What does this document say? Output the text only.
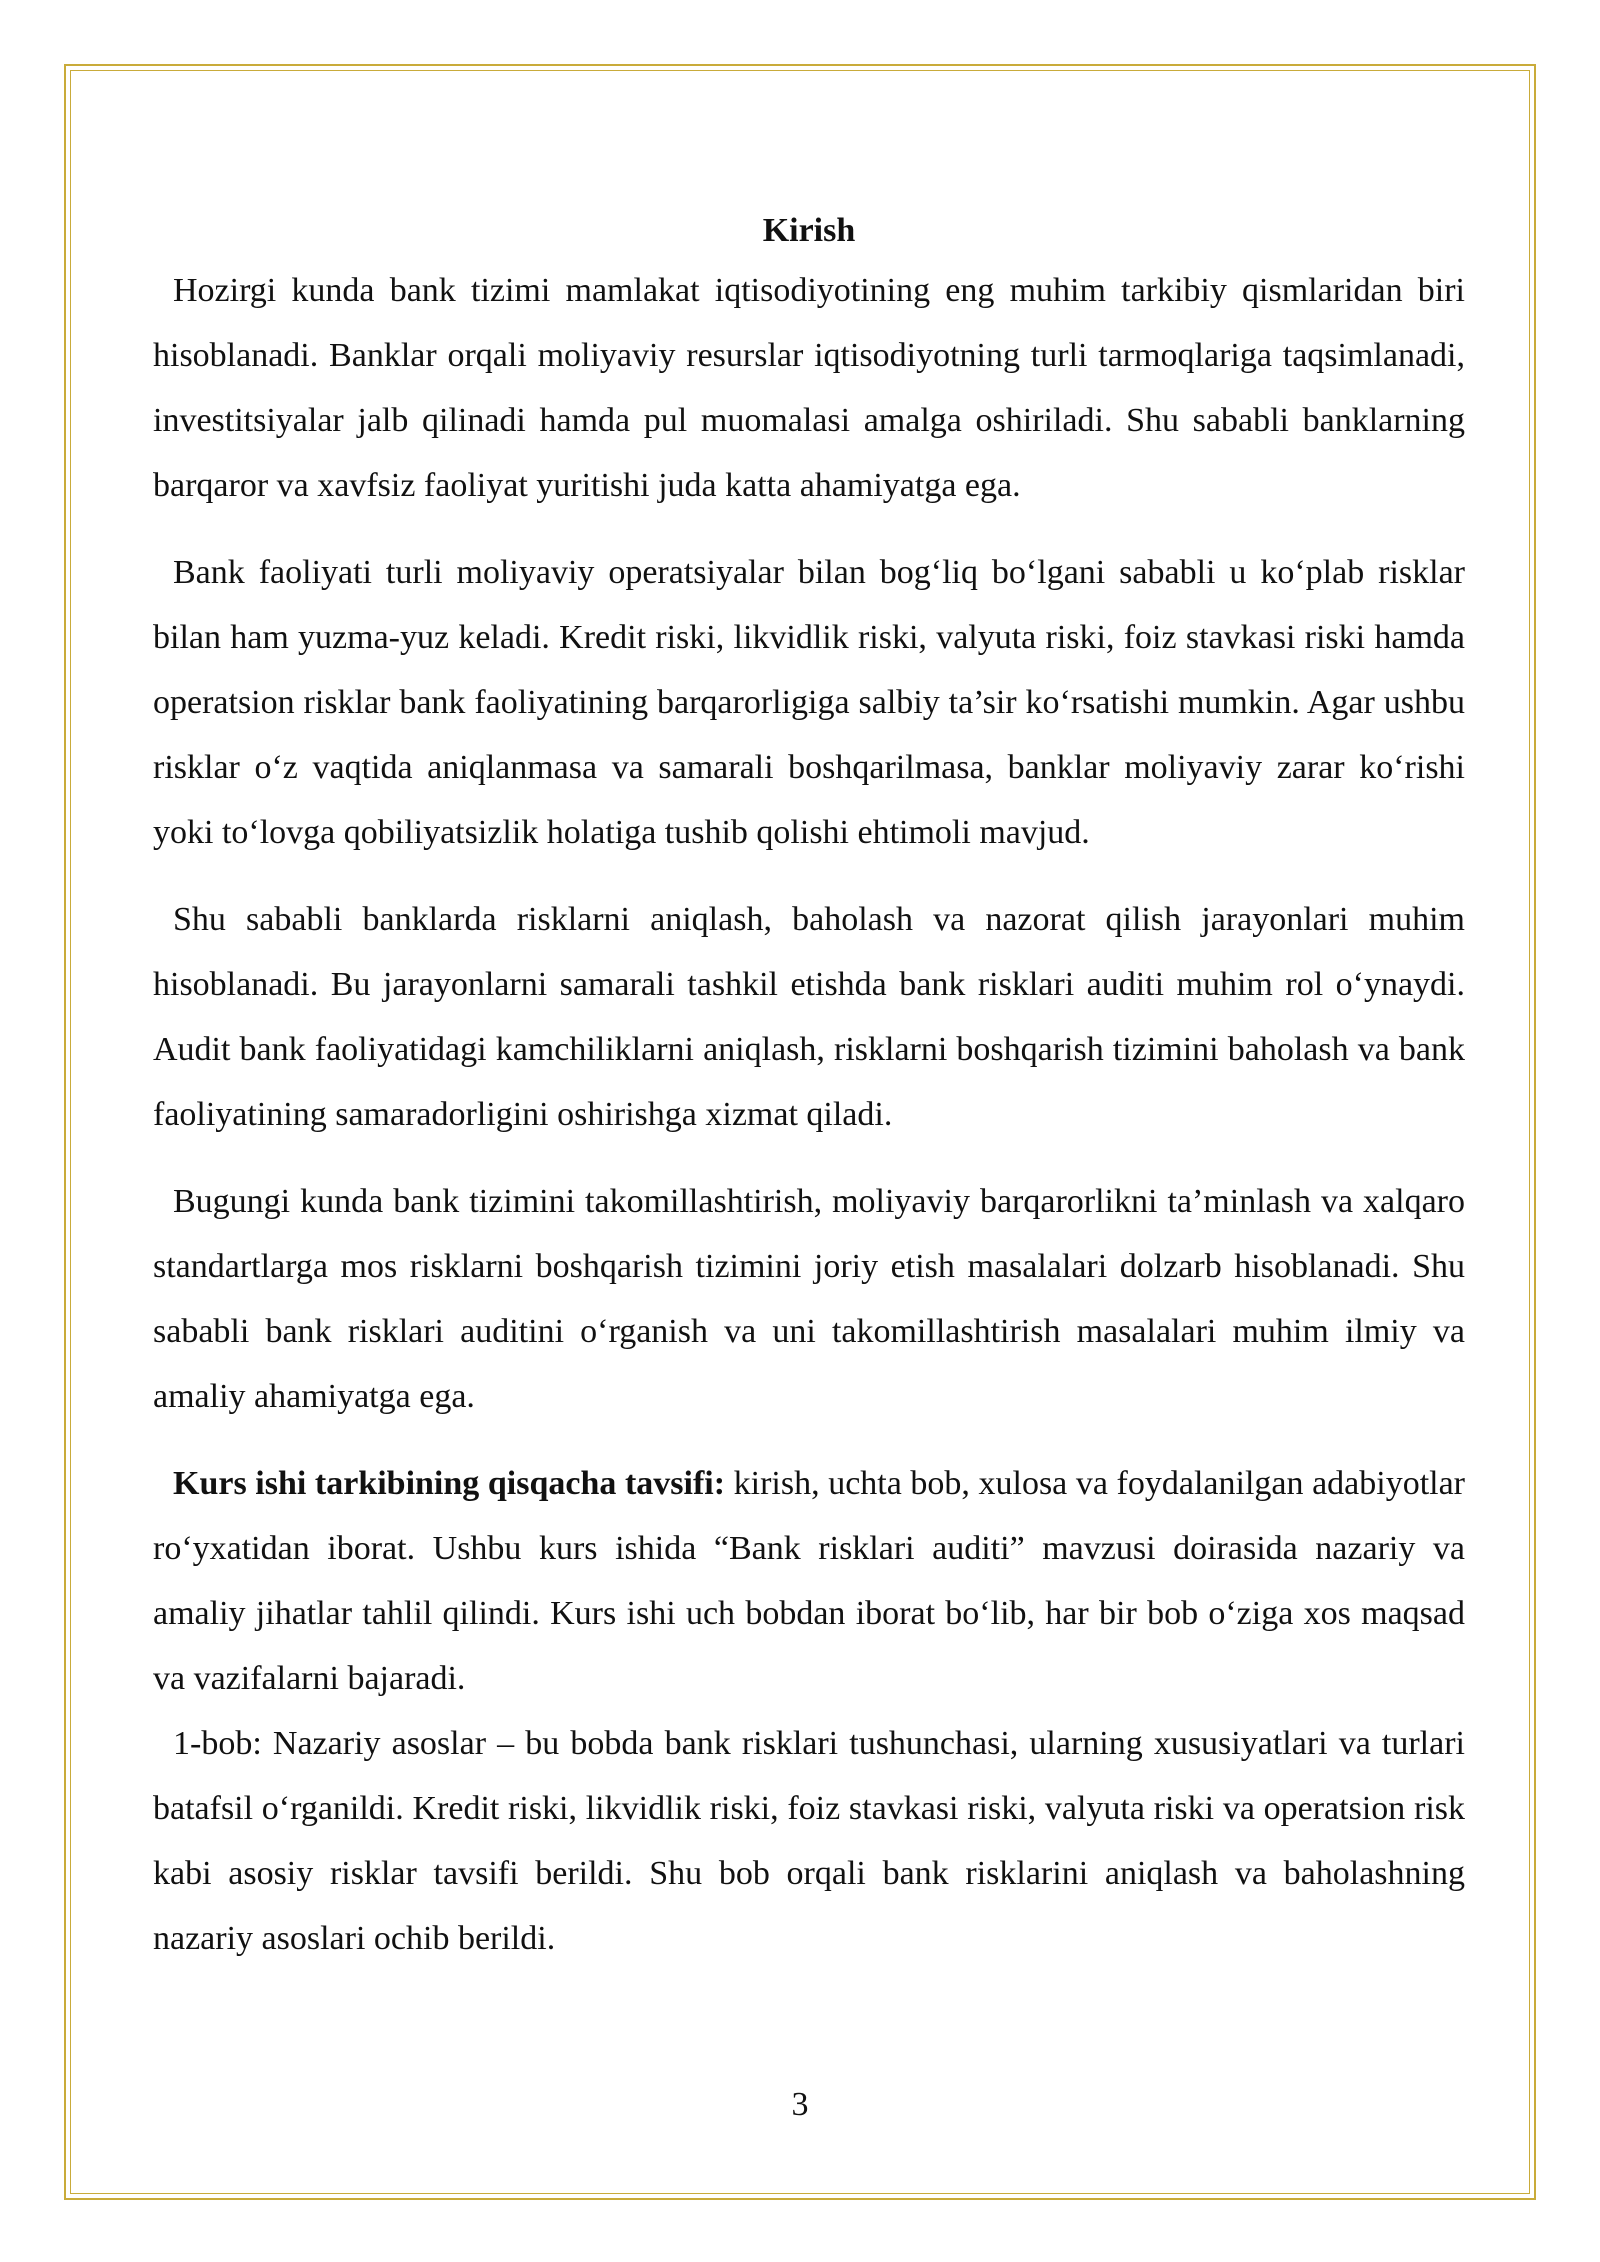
Kirish

Hozirgi kunda bank tizimi mamlakat iqtisodiyotining eng muhim tarkibiy qismlaridan biri hisoblanadi. Banklar orqali moliyaviy resurslar iqtisodiyotning turli tarmoqlariga taqsimlanadi, investitsiyalar jalb qilinadi hamda pul muomalasi amalga oshiriladi. Shu sababli banklarning barqaror va xavfsiz faoliyat yuritishi juda katta ahamiyatga ega.

Bank faoliyati turli moliyaviy operatsiyalar bilan bog‘liq bo‘lgani sababli u ko‘plab risklar bilan ham yuzma-yuz keladi. Kredit riski, likvidlik riski, valyuta riski, foiz stavkasi riski hamda operatsion risklar bank faoliyatining barqarorligiga salbiy ta’sir ko‘rsatishi mumkin. Agar ushbu risklar o‘z vaqtida aniqlanmasa va samarali boshqarilmasa, banklar moliyaviy zarar ko‘rishi yoki to‘lovga qobiliyatsizlik holatiga tushib qolishi ehtimoli mavjud.

Shu sababli banklarda risklarni aniqlash, baholash va nazorat qilish jarayonlari muhim hisoblanadi. Bu jarayonlarni samarali tashkil etishda bank risklari auditi muhim rol o‘ynaydi. Audit bank faoliyatidagi kamchiliklarni aniqlash, risklarni boshqarish tizimini baholash va bank faoliyatining samaradorligini oshirishga xizmat qiladi.

Bugungi kunda bank tizimini takomillashtirish, moliyaviy barqarorlikni ta’minlash va xalqaro standartlarga mos risklarni boshqarish tizimini joriy etish masalalari dolzarb hisoblanadi. Shu sababli bank risklari auditini o‘rganish va uni takomillashtirish masalalari muhim ilmiy va amaliy ahamiyatga ega.

Kurs ishi tarkibining qisqacha tavsifi: kirish, uchta bob, xulosa va foydalanilgan adabiyotlar ro‘yxatidan iborat. Ushbu kurs ishida “Bank risklari auditi” mavzusi doirasida nazariy va amaliy jihatlar tahlil qilindi. Kurs ishi uch bobdan iborat bo‘lib, har bir bob o‘ziga xos maqsad va vazifalarni bajaradi.

1-bob: Nazariy asoslar – bu bobda bank risklari tushunchasi, ularning xususiyatlari va turlari batafsil o‘rganildi. Kredit riski, likvidlik riski, foiz stavkasi riski, valyuta riski va operatsion risk kabi asosiy risklar tavsifi berildi. Shu bob orqali bank risklarini aniqlash va baholashning nazariy asoslari ochib berildi.

3
